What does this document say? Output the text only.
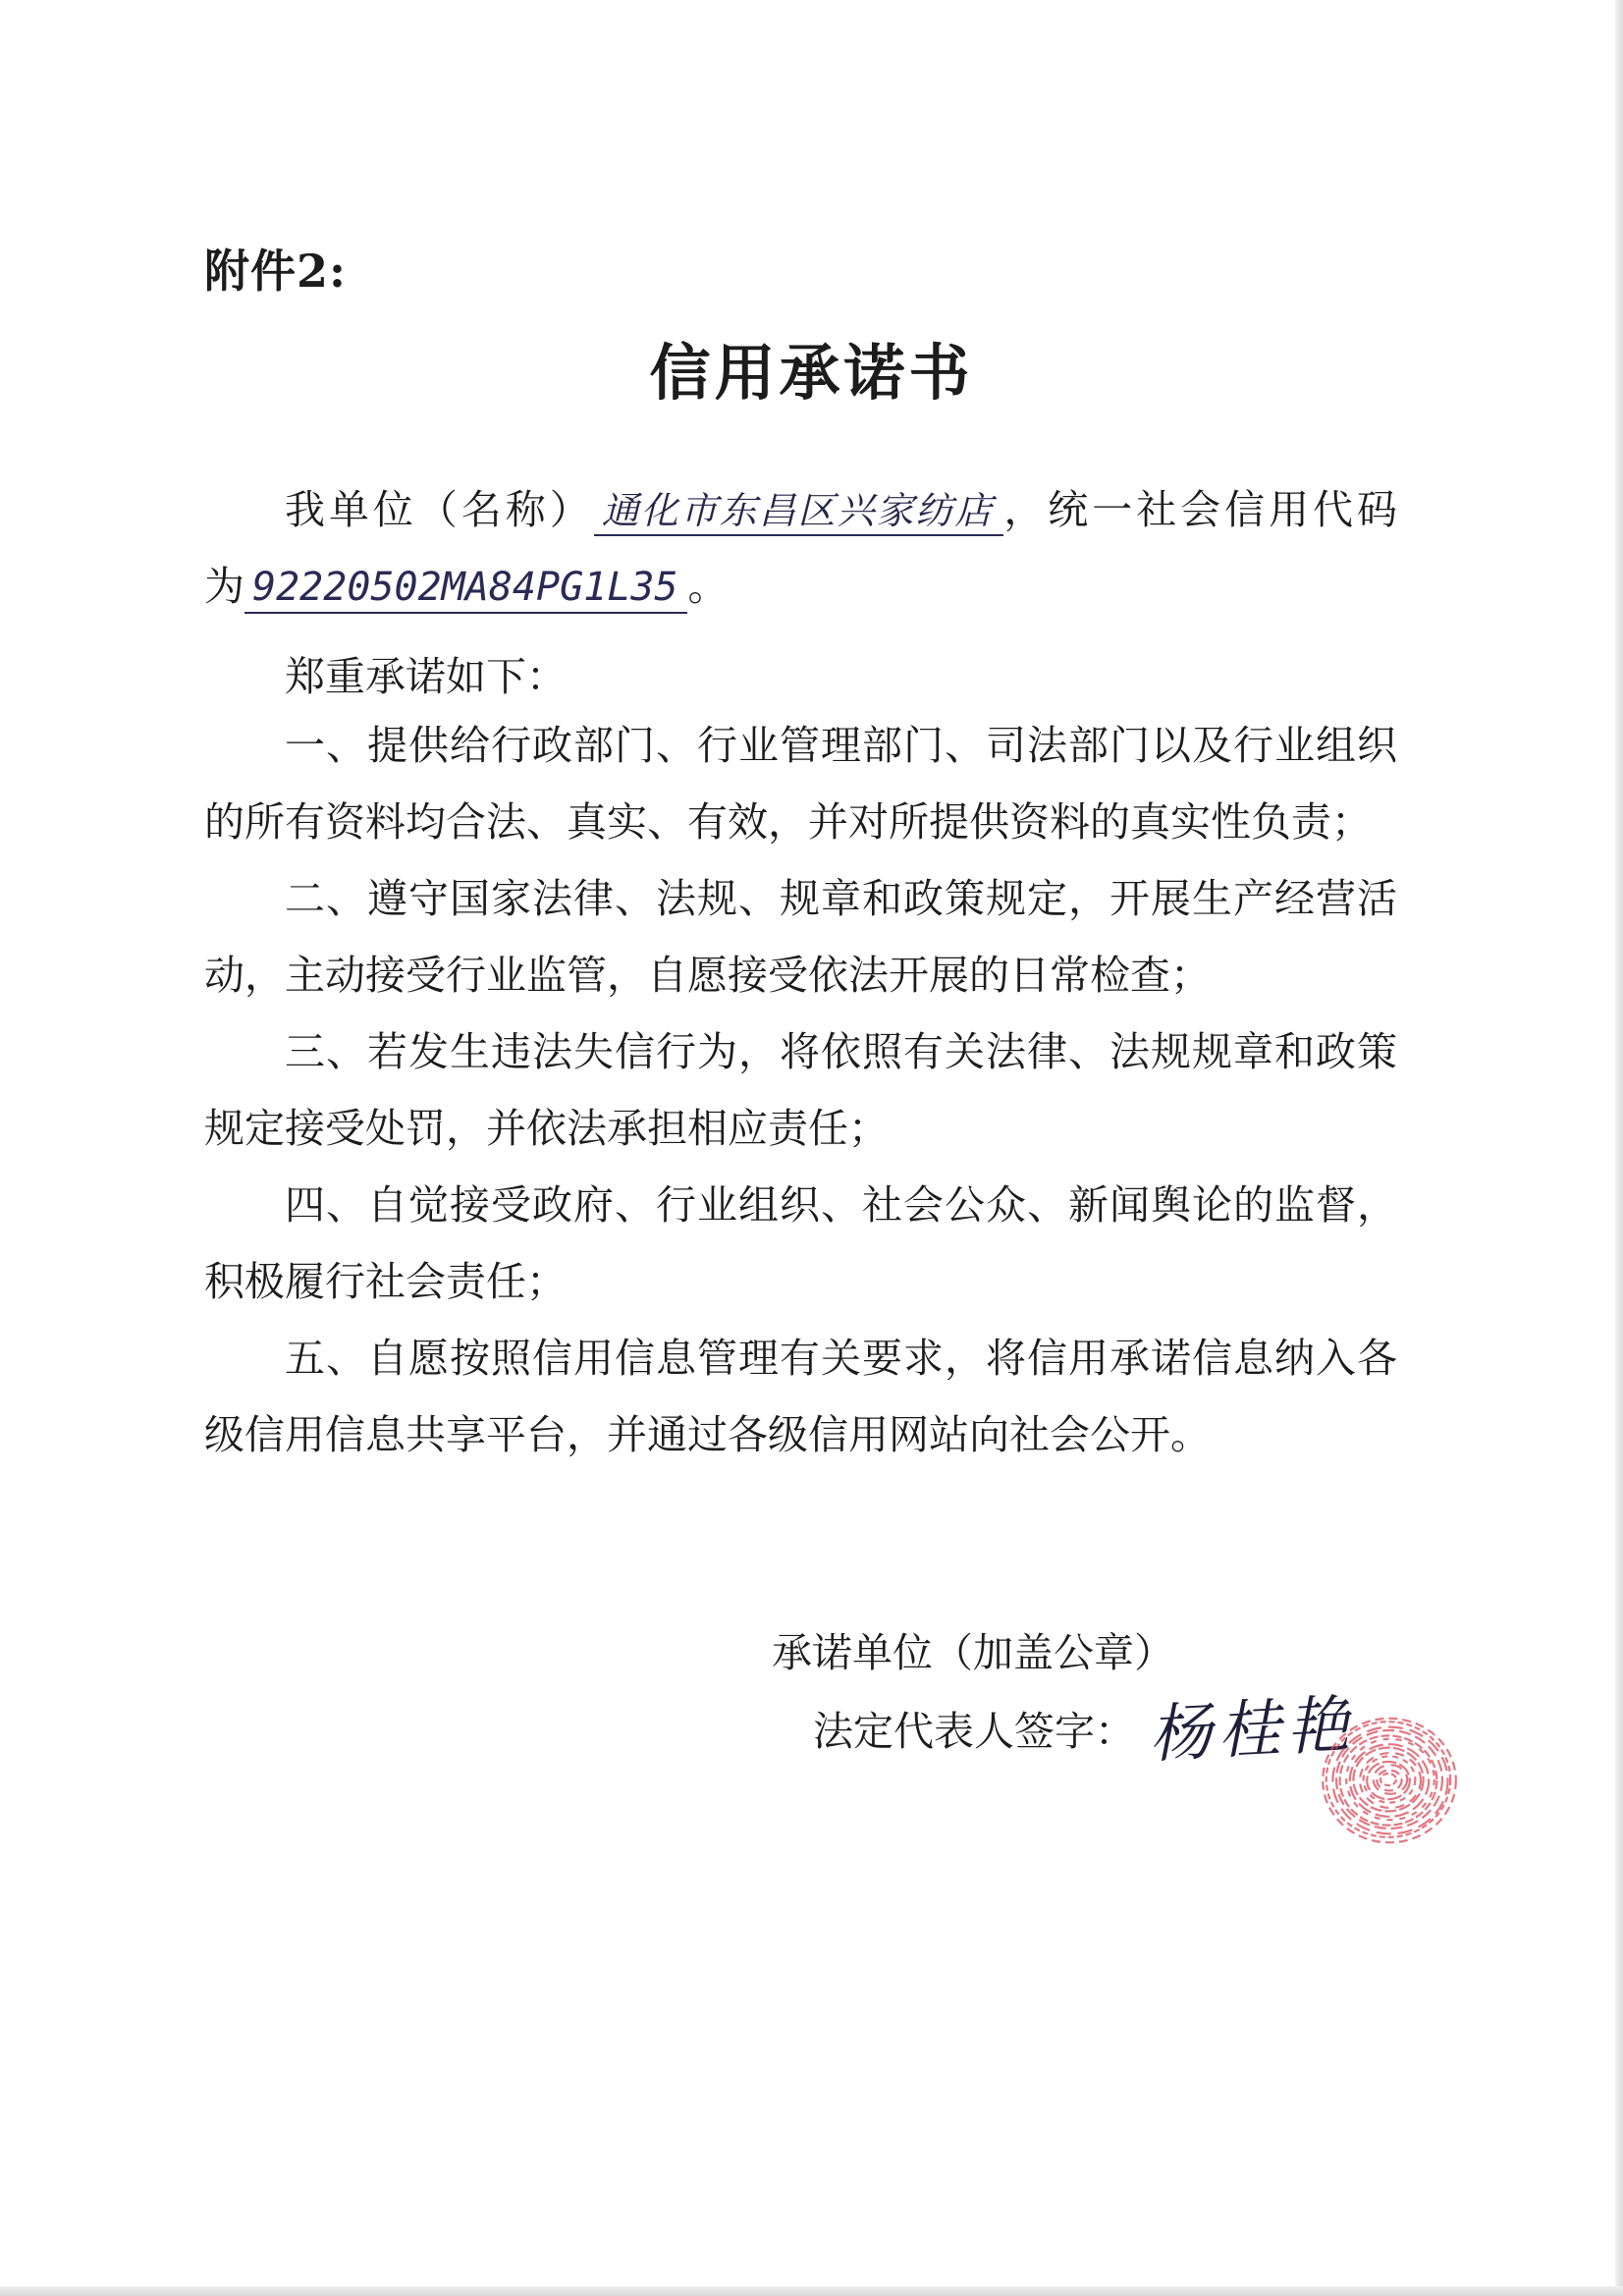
附件2:
信用承诺书
我单位（名称） 通化市东昌区兴家纺店 ，统一社会信用代码
为 92220502MA84PG1L35 。
郑重承诺如下：
一、提供给行政部门、行业管理部门、司法部门以及行业组织
的所有资料均合法、真实、有效，并对所提供资料的真实性负责；
二、遵守国家法律、法规、规章和政策规定，开展生产经营活
动，主动接受行业监管，自愿接受依法开展的日常检查；
三、若发生违法失信行为，将依照有关法律、法规规章和政策
规定接受处罚，并依法承担相应责任；
四、自觉接受政府、行业组织、社会公众、新闻舆论的监督，
积极履行社会责任；
五、自愿按照信用信息管理有关要求，将信用承诺信息纳入各
级信用信息共享平台，并通过各级信用网站向社会公开。
承诺单位（加盖公章）
法定代表人签字： 杨桂艳
